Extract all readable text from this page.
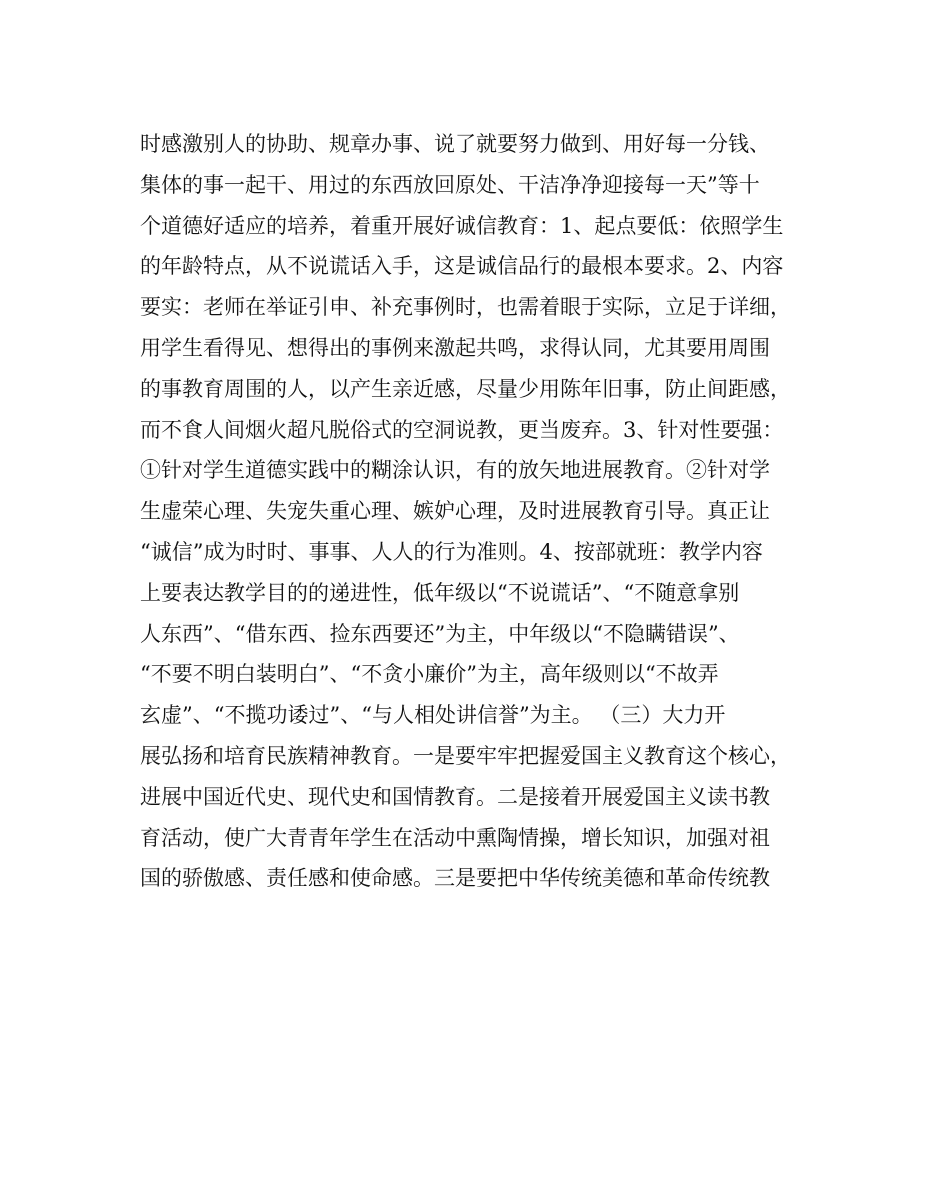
时感激别人的协助、规章办事、说了就要努力做到、用好每一分钱、
集体的事一起干、用过的东西放回原处、干洁净净迎接每一天”等十
个道德好适应的培养，着重开展好诚信教育：1、起点要低：依照学生
的年龄特点，从不说谎话入手，这是诚信品行的最根本要求。2、内容
要实：老师在举证引申、补充事例时，也需着眼于实际，立足于详细，
用学生看得见、想得出的事例来激起共鸣，求得认同，尤其要用周围
的事教育周围的人，以产生亲近感，尽量少用陈年旧事，防止间距感，
而不食人间烟火超凡脱俗式的空洞说教，更当废弃。3、针对性要强：
①针对学生道德实践中的糊涂认识，有的放矢地进展教育。②针对学
生虚荣心理、失宠失重心理、嫉妒心理，及时进展教育引导。真正让
“诚信”成为时时、事事、人人的行为准则。4、按部就班：教学内容
上要表达教学目的的递进性，低年级以“不说谎话”、“不随意拿别
人东西”、“借东西、捡东西要还”为主，中年级以“不隐瞒错误”、
“不要不明白装明白”、“不贪小廉价”为主，高年级则以“不故弄
玄虚”、“不揽功诿过”、“与人相处讲信誉”为主。 （三）大力开
展弘扬和培育民族精神教育。一是要牢牢把握爱国主义教育这个核心，
进展中国近代史、现代史和国情教育。二是接着开展爱国主义读书教
育活动，使广大青青年学生在活动中熏陶情操，增长知识，加强对祖
国的骄傲感、责任感和使命感。三是要把中华传统美德和革命传统教
